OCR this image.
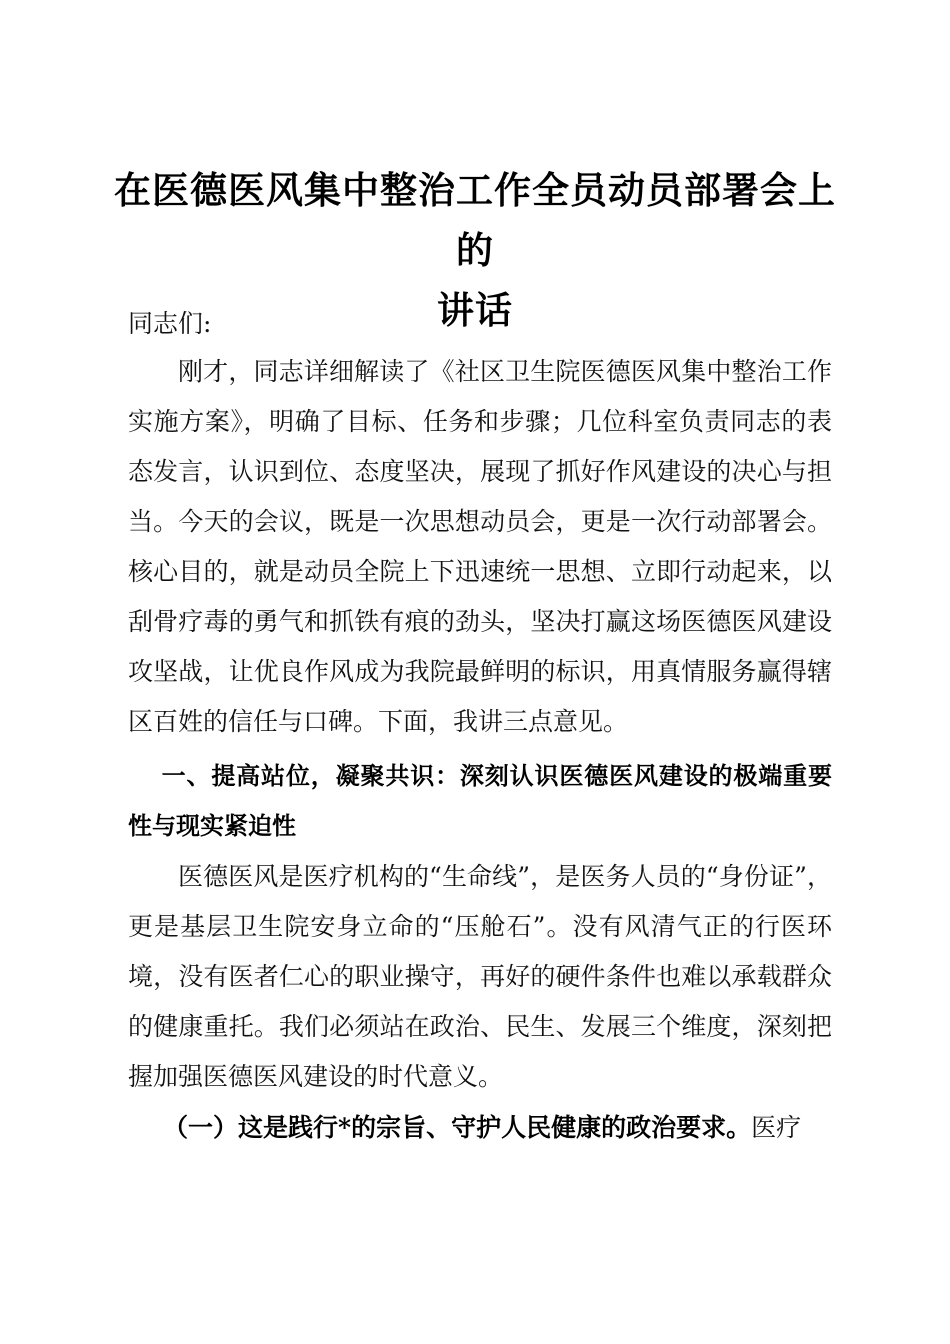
在医德医风集中整治工作全员动员部署会上的
讲话

同志们:

刚才，同志详细解读了《社区卫生院医德医风集中整治工作实施方案》，明确了目标、任务和步骤；几位科室负责同志的表态发言，认识到位、态度坚决，展现了抓好作风建设的决心与担当。今天的会议，既是一次思想动员会，更是一次行动部署会。核心目的，就是动员全院上下迅速统一思想、立即行动起来，以刮骨疗毒的勇气和抓铁有痕的劲头，坚决打赢这场医德医风建设攻坚战，让优良作风成为我院最鲜明的标识，用真情服务赢得辖区百姓的信任与口碑。下面，我讲三点意见。

一、提高站位，凝聚共识：深刻认识医德医风建设的极端重要性与现实紧迫性

医德医风是医疗机构的“生命线”，是医务人员的“身份证”，更是基层卫生院安身立命的“压舱石”。没有风清气正的行医环境，没有医者仁心的职业操守，再好的硬件条件也难以承载群众的健康重托。我们必须站在政治、民生、发展三个维度，深刻把握加强医德医风建设的时代意义。

（一）这是践行*的宗旨、守护人民健康的政治要求。医疗
